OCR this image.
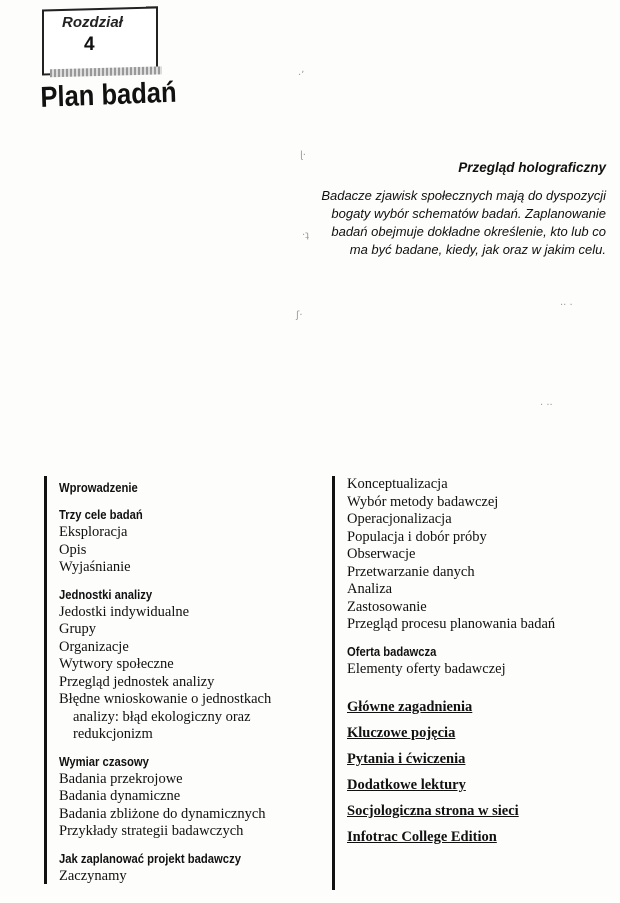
Rozdział
4
Plan badań
·ʼ
ɭ·
·ʇ
ʃ·
·· ·
· ··
Przegląd holograficzny
Badacze zjawisk społecznych mają do dyspozycji
bogaty wybór schematów badań. Zaplanowanie
badań obejmuje dokładne określenie, kto lub co
ma być badane, kiedy, jak oraz w jakim celu.
Wprowadzenie
Trzy cele badań
Eksploracja
Opis
Wyjaśnianie
Jednostki analizy
Jedostki indywidualne
Grupy
Organizacje
Wytwory społeczne
Przegląd jednostek analizy
Błędne wnioskowanie o jednostkach
analizy: błąd ekologiczny oraz
redukcjonizm
Wymiar czasowy
Badania przekrojowe
Badania dynamiczne
Badania zbliżone do dynamicznych
Przykłady strategii badawczych
Jak zaplanować projekt badawczy
Zaczynamy
Konceptualizacja
Wybór metody badawczej
Operacjonalizacja
Populacja i dobór próby
Obserwacje
Przetwarzanie danych
Analiza
Zastosowanie
Przegląd procesu planowania badań
Oferta badawcza
Elementy oferty badawczej
Główne zagadnienia
Kluczowe pojęcia
Pytania i ćwiczenia
Dodatkowe lektury
Socjologiczna strona w sieci
Infotrac College Edition
